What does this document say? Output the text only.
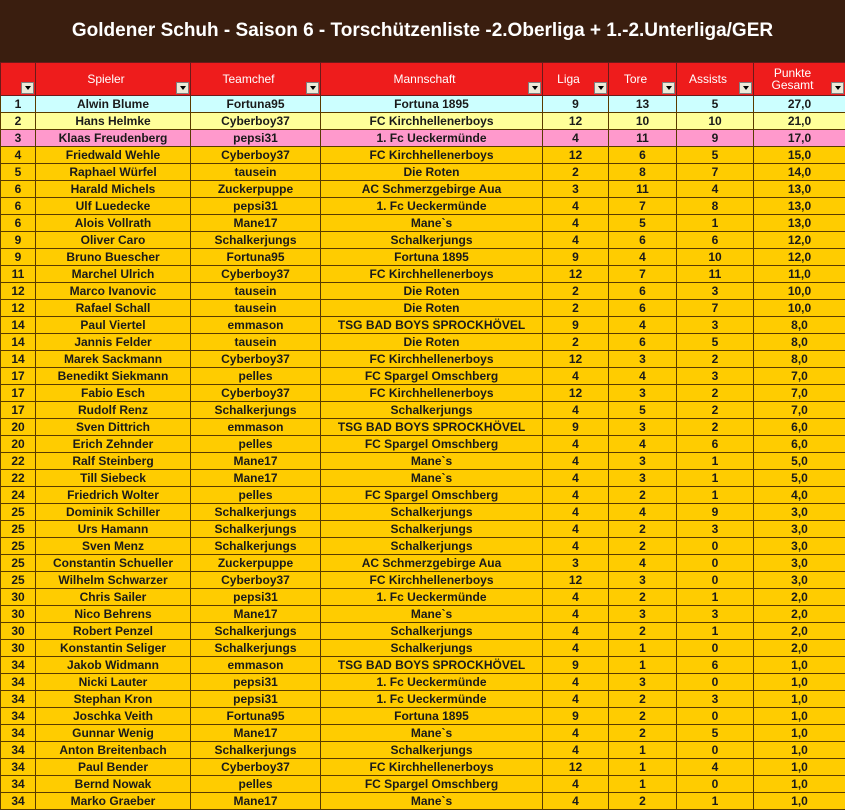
Goldener Schuh - Saison 6 - Torschützenliste -2.Oberliga + 1.-2.Unterliga/GER

	Spieler	Teamchef	Mannschaft	Liga	Tore	Assists	Punkte Gesamt

1	Alwin Blume	Fortuna95	Fortuna 1895	9	13	5	27,0
2	Hans Helmke	Cyberboy37	FC Kirchhellenerboys	12	10	10	21,0
3	Klaas Freudenberg	pepsi31	1. Fc Ueckermünde	4	11	9	17,0
4	Friedwald Wehle	Cyberboy37	FC Kirchhellenerboys	12	6	5	15,0
5	Raphael Würfel	tausein	Die Roten	2	8	7	14,0
6	Harald Michels	Zuckerpuppe	AC Schmerzgebirge Aua	3	11	4	13,0
6	Ulf Luedecke	pepsi31	1. Fc Ueckermünde	4	7	8	13,0
6	Alois Vollrath	Mane17	Mane`s	4	5	1	13,0
9	Oliver Caro	Schalkerjungs	Schalkerjungs	4	6	6	12,0
9	Bruno Buescher	Fortuna95	Fortuna 1895	9	4	10	12,0
11	Marchel Ulrich	Cyberboy37	FC Kirchhellenerboys	12	7	11	11,0
12	Marco Ivanovic	tausein	Die Roten	2	6	3	10,0
12	Rafael Schall	tausein	Die Roten	2	6	7	10,0
14	Paul Viertel	emmason	TSG BAD BOYS SPROCKHÖVEL	9	4	3	8,0
14	Jannis Felder	tausein	Die Roten	2	6	5	8,0
14	Marek Sackmann	Cyberboy37	FC Kirchhellenerboys	12	3	2	8,0
17	Benedikt Siekmann	pelles	FC Spargel Omschberg	4	4	3	7,0
17	Fabio Esch	Cyberboy37	FC Kirchhellenerboys	12	3	2	7,0
17	Rudolf Renz	Schalkerjungs	Schalkerjungs	4	5	2	7,0
20	Sven Dittrich	emmason	TSG BAD BOYS SPROCKHÖVEL	9	3	2	6,0
20	Erich Zehnder	pelles	FC Spargel Omschberg	4	4	6	6,0
22	Ralf Steinberg	Mane17	Mane`s	4	3	1	5,0
22	Till Siebeck	Mane17	Mane`s	4	3	1	5,0
24	Friedrich Wolter	pelles	FC Spargel Omschberg	4	2	1	4,0
25	Dominik Schiller	Schalkerjungs	Schalkerjungs	4	4	9	3,0
25	Urs Hamann	Schalkerjungs	Schalkerjungs	4	2	3	3,0
25	Sven Menz	Schalkerjungs	Schalkerjungs	4	2	0	3,0
25	Constantin Schueller	Zuckerpuppe	AC Schmerzgebirge Aua	3	4	0	3,0
25	Wilhelm Schwarzer	Cyberboy37	FC Kirchhellenerboys	12	3	0	3,0
30	Chris Sailer	pepsi31	1. Fc Ueckermünde	4	2	1	2,0
30	Nico Behrens	Mane17	Mane`s	4	3	3	2,0
30	Robert Penzel	Schalkerjungs	Schalkerjungs	4	2	1	2,0
30	Konstantin Seliger	Schalkerjungs	Schalkerjungs	4	1	0	2,0
34	Jakob Widmann	emmason	TSG BAD BOYS SPROCKHÖVEL	9	1	6	1,0
34	Nicki Lauter	pepsi31	1. Fc Ueckermünde	4	3	0	1,0
34	Stephan Kron	pepsi31	1. Fc Ueckermünde	4	2	3	1,0
34	Joschka Veith	Fortuna95	Fortuna 1895	9	2	0	1,0
34	Gunnar Wenig	Mane17	Mane`s	4	2	5	1,0
34	Anton Breitenbach	Schalkerjungs	Schalkerjungs	4	1	0	1,0
34	Paul Bender	Cyberboy37	FC Kirchhellenerboys	12	1	4	1,0
34	Bernd Nowak	pelles	FC Spargel Omschberg	4	1	0	1,0
34	Marko Graeber	Mane17	Mane`s	4	2	1	1,0
